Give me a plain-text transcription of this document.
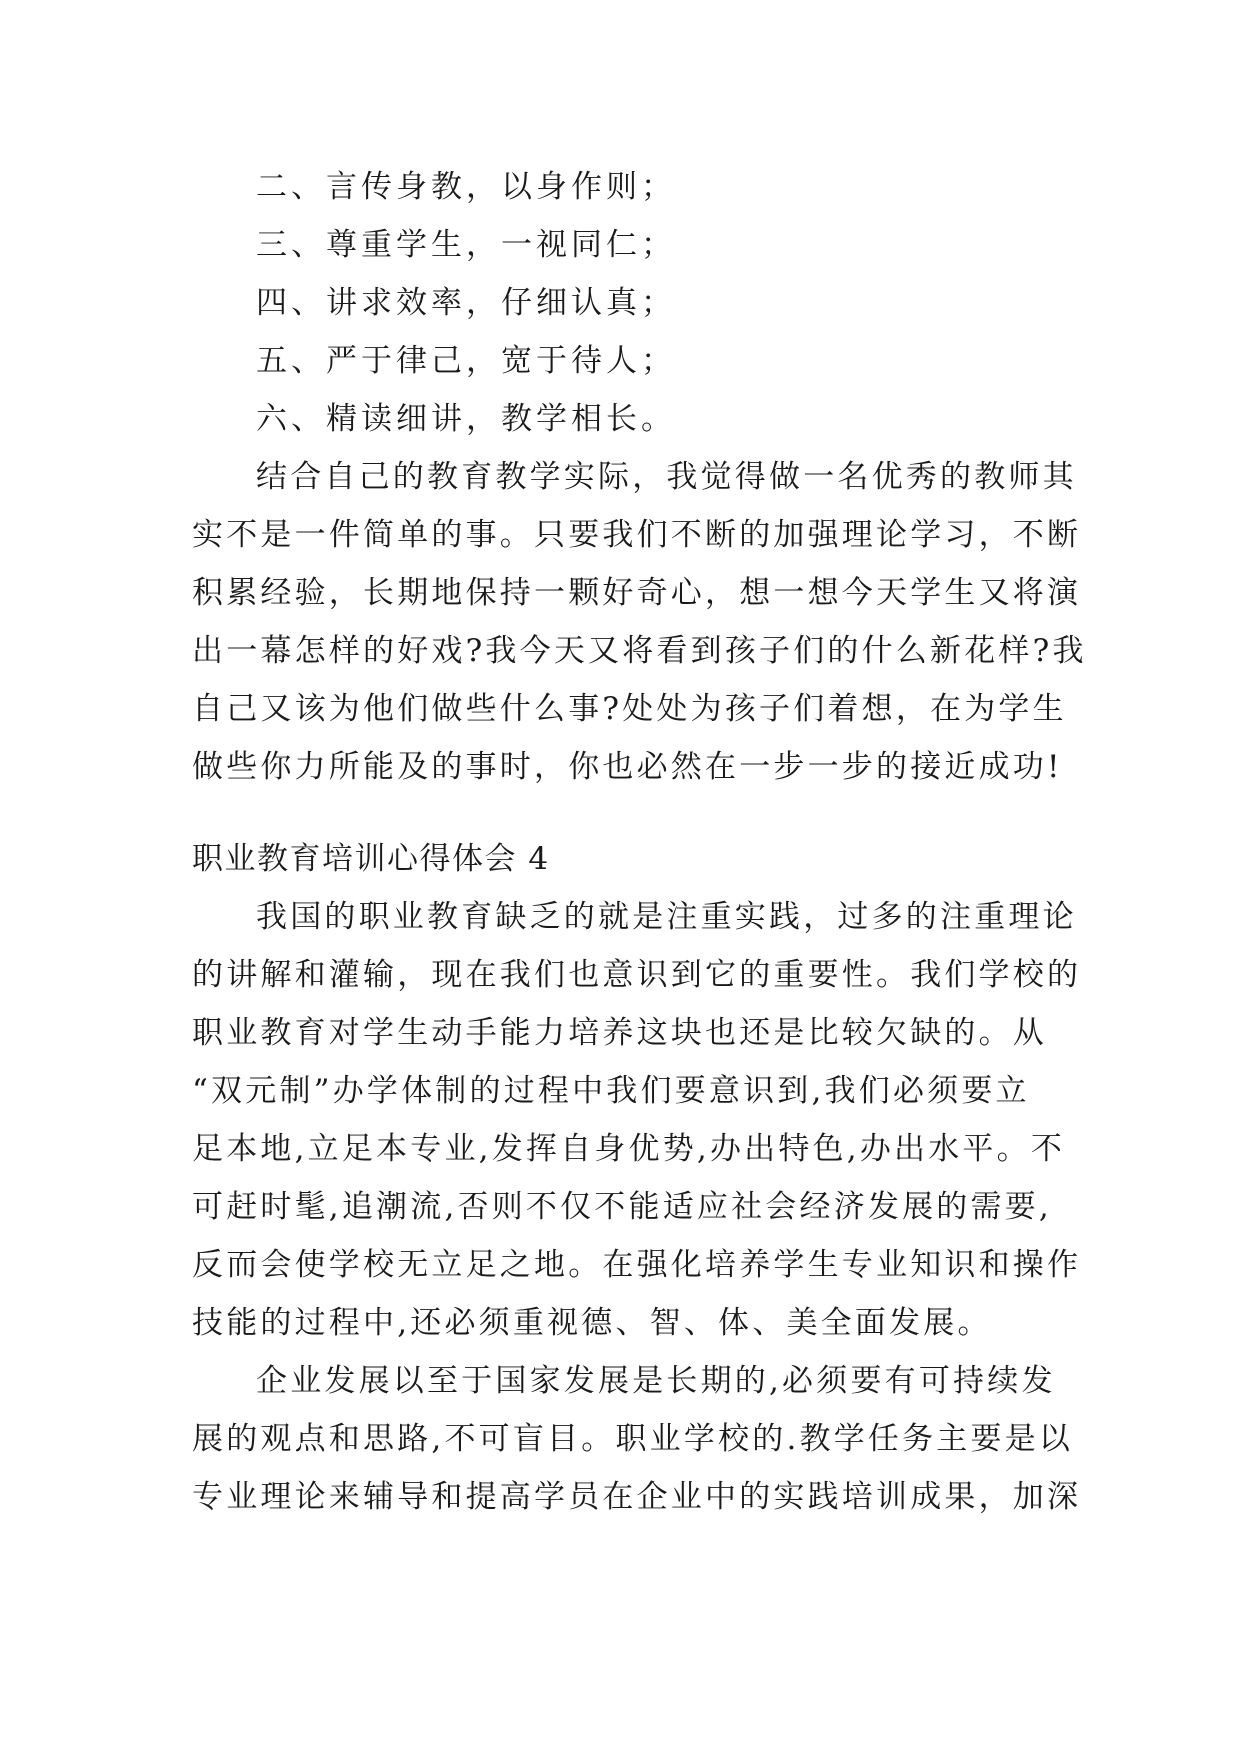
二、言传身教，以身作则；
三、尊重学生，一视同仁；
四、讲求效率，仔细认真；
五、严于律己，宽于待人；
六、精读细讲，教学相长。
结合自己的教育教学实际，我觉得做一名优秀的教师其
实不是一件简单的事。只要我们不断的加强理论学习，不断
积累经验，长期地保持一颗好奇心，想一想今天学生又将演
出一幕怎样的好戏?我今天又将看到孩子们的什么新花样?我
自己又该为他们做些什么事?处处为孩子们着想，在为学生
做些你力所能及的事时，你也必然在一步一步的接近成功!
职业教育培训心得体会 4
我国的职业教育缺乏的就是注重实践，过多的注重理论
的讲解和灌输，现在我们也意识到它的重要性。我们学校的
职业教育对学生动手能力培养这块也还是比较欠缺的。从
“双元制”办学体制的过程中我们要意识到,我们必须要立
足本地,立足本专业,发挥自身优势,办出特色,办出水平。不
可赶时髦,追潮流,否则不仅不能适应社会经济发展的需要,
反而会使学校无立足之地。在强化培养学生专业知识和操作
技能的过程中,还必须重视德、智、体、美全面发展。
企业发展以至于国家发展是长期的,必须要有可持续发
展的观点和思路,不可盲目。职业学校的.教学任务主要是以
专业理论来辅导和提高学员在企业中的实践培训成果，加深
